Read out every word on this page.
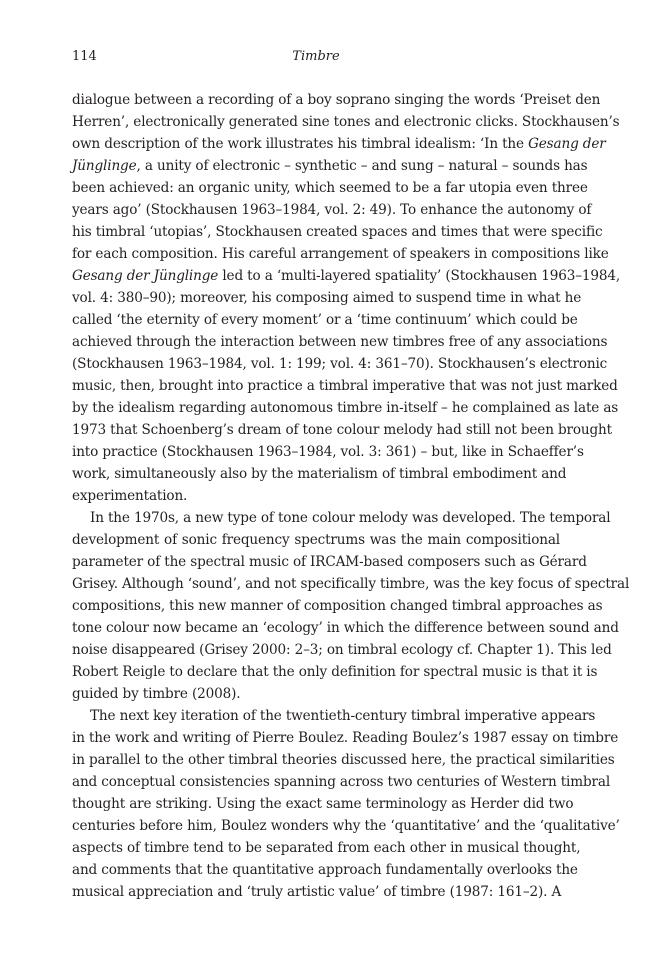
114	Timbre
dialogue between a recording of a boy soprano singing the words ‘Preiset den
Herren’, electronically generated sine tones and electronic clicks. Stockhausen’s
own description of the work illustrates his timbral idealism: ‘In the Gesang der
Jünglinge, a unity of electronic – synthetic – and sung – natural – sounds has
been achieved: an organic unity, which seemed to be a far utopia even three
years ago’ (Stockhausen 1963–1984, vol. 2: 49). To enhance the autonomy of
his timbral ‘utopias’, Stockhausen created spaces and times that were specific
for each composition. His careful arrangement of speakers in compositions like
Gesang der Jünglinge led to a ‘multi-layered spatiality’ (Stockhausen 1963–1984,
vol. 4: 380–90); moreover, his composing aimed to suspend time in what he
called ‘the eternity of every moment’ or a ‘time continuum’ which could be
achieved through the interaction between new timbres free of any associations
(Stockhausen 1963–1984, vol. 1: 199; vol. 4: 361–70). Stockhausen’s electronic
music, then, brought into practice a timbral imperative that was not just marked
by the idealism regarding autonomous timbre in-itself – he complained as late as
1973 that Schoenberg’s dream of tone colour melody had still not been brought
into practice (Stockhausen 1963–1984, vol. 3: 361) – but, like in Schaeffer’s
work, simultaneously also by the materialism of timbral embodiment and
experimentation.
In the 1970s, a new type of tone colour melody was developed. The temporal
development of sonic frequency spectrums was the main compositional
parameter of the spectral music of IRCAM-based composers such as Gérard
Grisey. Although ‘sound’, and not specifically timbre, was the key focus of spectral
compositions, this new manner of composition changed timbral approaches as
tone colour now became an ‘ecology’ in which the difference between sound and
noise disappeared (Grisey 2000: 2–3; on timbral ecology cf. Chapter 1). This led
Robert Reigle to declare that the only definition for spectral music is that it is
guided by timbre (2008).
The next key iteration of the twentieth-century timbral imperative appears
in the work and writing of Pierre Boulez. Reading Boulez’s 1987 essay on timbre
in parallel to the other timbral theories discussed here, the practical similarities
and conceptual consistencies spanning across two centuries of Western timbral
thought are striking. Using the exact same terminology as Herder did two
centuries before him, Boulez wonders why the ‘quantitative’ and the ‘qualitative’
aspects of timbre tend to be separated from each other in musical thought,
and comments that the quantitative approach fundamentally overlooks the
musical appreciation and ‘truly artistic value’ of timbre (1987: 161–2). A
